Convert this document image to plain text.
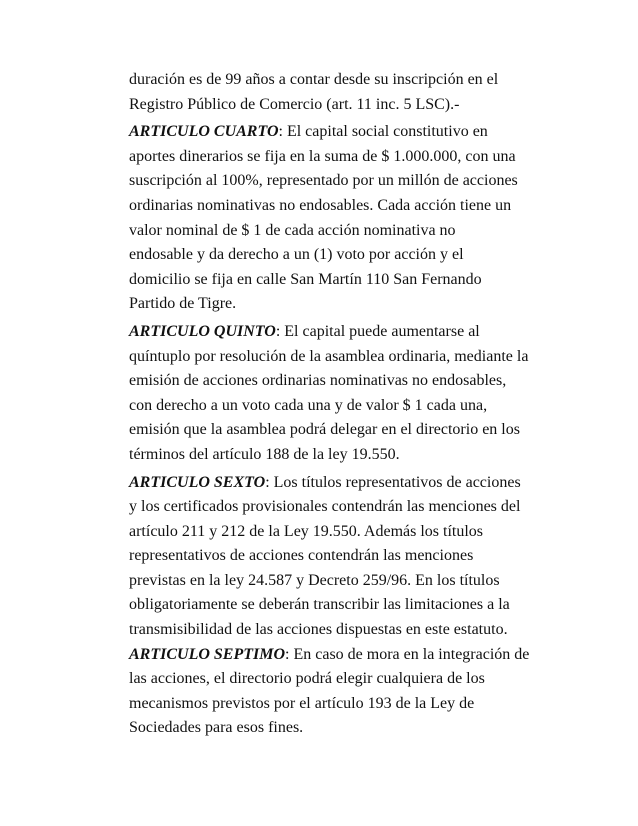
duración es de 99 años a contar desde su inscripción en el
Registro Público de Comercio (art. 11 inc. 5 LSC).-
ARTICULO CUARTO: El capital social constitutivo en
aportes dinerarios se fija en la suma de $ 1.000.000, con una
suscripción al 100%, representado por un millón de acciones
ordinarias nominativas no endosables. Cada acción tiene un
valor nominal de $ 1 de cada acción nominativa no
endosable y da derecho a un (1) voto por acción y el
domicilio se fija en calle San Martín 110 San Fernando
Partido de Tigre.
ARTICULO QUINTO: El capital puede aumentarse al
quíntuplo por resolución de la asamblea ordinaria, mediante la
emisión de acciones ordinarias nominativas no endosables,
con derecho a un voto cada una y de valor $ 1 cada una,
emisión que la asamblea podrá delegar en el directorio en los
términos del artículo 188 de la ley 19.550.
ARTICULO SEXTO: Los títulos representativos de acciones
y los certificados provisionales contendrán las menciones del
artículo 211 y 212 de la Ley 19.550. Además los títulos
representativos de acciones contendrán las menciones
previstas en la ley 24.587 y Decreto 259/96. En los títulos
obligatoriamente se deberán transcribir las limitaciones a la
transmisibilidad de las acciones dispuestas en este estatuto.
ARTICULO SEPTIMO: En caso de mora en la integración de
las acciones, el directorio podrá elegir cualquiera de los
mecanismos previstos por el artículo 193 de la Ley de
Sociedades para esos fines.
